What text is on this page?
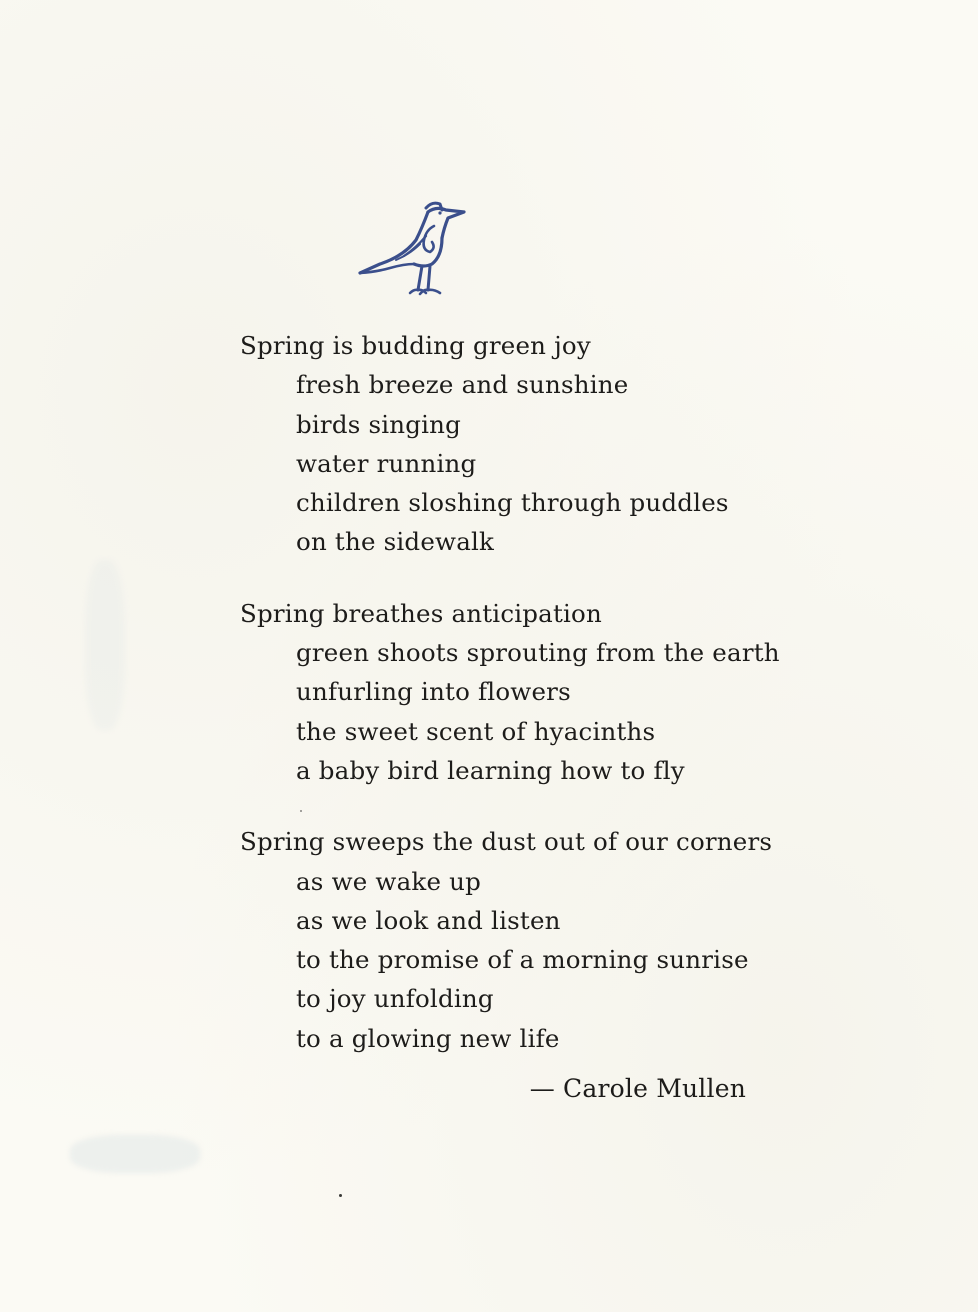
Spring is budding green joy
fresh breeze and sunshine
birds singing
water running
children sloshing through puddles
on the sidewalk
Spring breathes anticipation
green shoots sprouting from the earth
unfurling into flowers
the sweet scent of hyacinths
a baby bird learning how to fly
Spring sweeps the dust out of our corners
as we wake up
as we look and listen
to the promise of a morning sunrise
to joy unfolding
to a glowing new life
— Carole Mullen
